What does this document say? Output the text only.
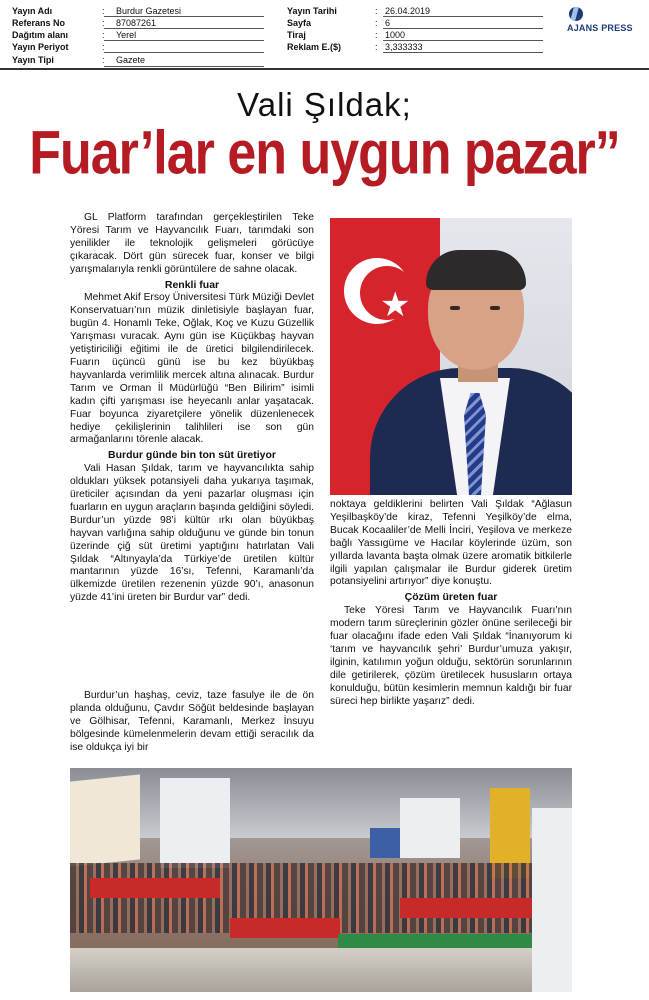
Yayın Adı	: Burdur Gazetesi
Referans No	: 87087261
Dağıtım alanı	: Yerel
Yayın Periyot	:
Yayın Tipi	: Gazete
Yayın Tarihi	: 26.04.2019
Sayfa	: 6
Tiraj	: 1000
Reklam E.($)	: 3,333333
AJANS PRESS
Vali Şıldak;
Fuar’lar en uygun pazar”

GL Platform tarafından gerçekleştirilen Teke Yöresi Tarım ve Hayvancılık Fuarı, tarımdaki son yenilikler ile teknolojik gelişmeleri görücüye çıkaracak. Dört gün sürecek fuar, konser ve bilgi yarışmalarıyla renkli görüntülere de sahne olacak.

Renkli fuar

Mehmet Akif Ersoy Üniversitesi Türk Müziği Devlet Konservatuarı’nın müzik dinletisiyle başlayan fuar, bugün 4. Honamlı Teke, Oğlak, Koç ve Kuzu Güzellik Yarışması vuracak. Aynı gün ise Küçükbaş hayvan yetiştiriciliği eğitimi ile de üretici bilgilendirilecek. Fuarın üçüncü günü ise bu kez büyükbaş hayvanlarda verimlilik mercek altına alınacak. Burdur Tarım ve Orman İl Müdürlüğü “Ben Bilirim” isimli kadın çifti yarışması ise heyecanlı anlar yaşatacak. Fuar boyunca ziyaretçilere yönelik düzenlenecek hediye çekilişlerinin talihlileri ise son gün armağanlarını törenle alacak.

Burdur günde bin ton süt üretiyor

Vali Hasan Şıldak, tarım ve hayvancılıkta sahip oldukları yüksek potansiyeli daha yukarıya taşımak, üreticiler açısından da yeni pazarlar oluşması için fuarların en uygun araçların başında geldiğini söyledi. Burdur’un yüzde 98’i kültür ırkı olan büyükbaş hayvan varlığına sahip olduğunu ve günde bin tonun üzerinde çiğ süt üretimi yaptığını hatırlatan Vali Şıldak “Altınyayla’da Türkiye’de üretilen kültür mantarının yüzde 16’sı, Tefenni, Karamanlı’da ülkemizde üretilen rezenenin yüzde 90’ı, anasonun yüzde 41’ini üreten bir Burdur var” dedi.

Burdur’un haşhaş, ceviz, taze fasulye ile de ön planda olduğunu, Çavdır Söğüt beldesinde başlayan ve Gölhisar, Tefenni, Karamanlı, Merkez İnsuyu bölgesinde kümelenmelerin devam ettiği seracılık da ise oldukça iyi bir

★

noktaya geldiklerini belirten Vali Şıldak “Ağlasun Yeşilbaşköy’de kiraz, Tefenni Yeşilköy’de elma, Bucak Kocaaliler’de Melli İnciri, Yeşilova ve merkeze bağlı Yassıgüme ve Hacılar köylerinde üzüm, son yıllarda lavanta başta olmak üzere aromatik bitkilerle ilgili yapılan çalışmalar ile Burdur giderek üretim potansiyelini artırıyor” diye konuştu.

Çözüm üreten fuar

Teke Yöresi Tarım ve Hayvancılık Fuarı’nın modern tarım süreçlerinin gözler önüne serileceği bir fuar olacağını ifade eden Vali Şıldak “İnanıyorum ki ‘tarım ve hayvancılık şehri’ Burdur’umuza yakışır, ilginin, katılımın yoğun olduğu, sektörün sorunlarının dile getirilerek, çözüm üretilecek hususların ortaya konulduğu, bütün kesimlerin memnun kaldığı bir fuar süreci hep birlikte yaşarız” dedi.
